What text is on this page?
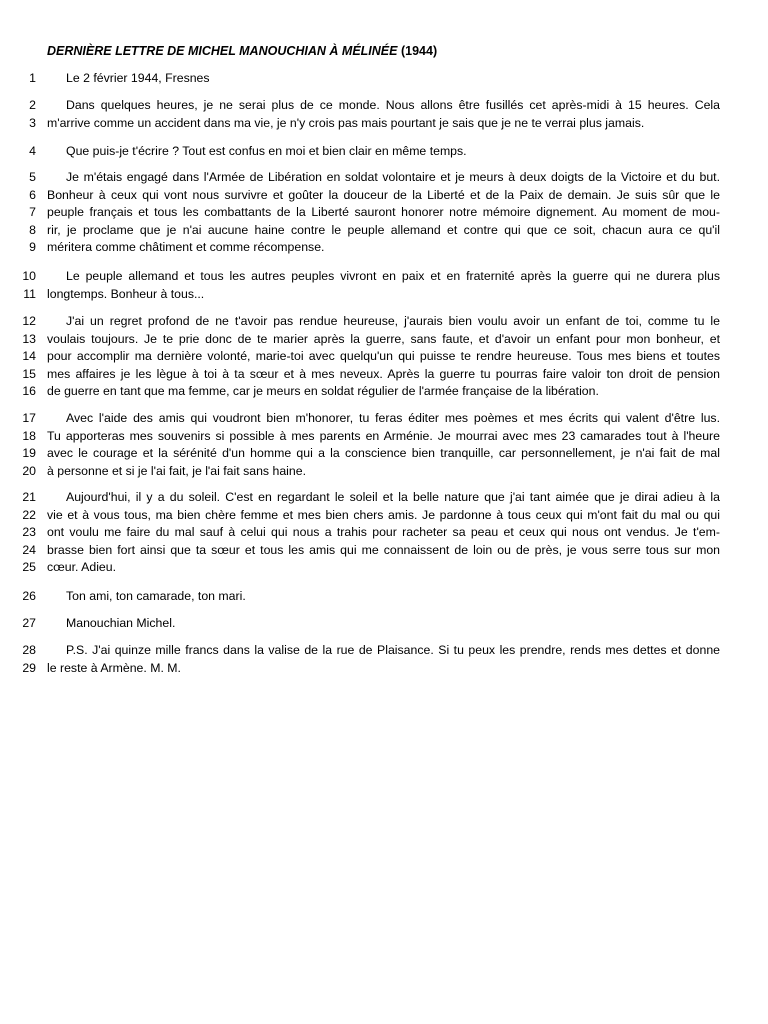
DERNIÈRE LETTRE DE MICHEL MANOUCHIAN À MÉLINÉE (1944)
1 Le 2 février 1944, Fresnes
2 Dans quelques heures, je ne serai plus de ce monde. Nous allons être fusillés cet après-midi à 15 heures. Cela
3 m'arrive comme un accident dans ma vie, je n'y crois pas mais pourtant je sais que je ne te verrai plus jamais.
4 Que puis-je t'écrire ? Tout est confus en moi et bien clair en même temps.
5 Je m'étais engagé dans l'Armée de Libération en soldat volontaire et je meurs à deux doigts de la Victoire et du but.
6 Bonheur à ceux qui vont nous survivre et goûter la douceur de la Liberté et de la Paix de demain. Je suis sûr que le
7 peuple français et tous les combattants de la Liberté sauront honorer notre mémoire dignement. Au moment de mou-
8 rir, je proclame que je n'ai aucune haine contre le peuple allemand et contre qui que ce soit, chacun aura ce qu'il
9 méritera comme châtiment et comme récompense.
10 Le peuple allemand et tous les autres peuples vivront en paix et en fraternité après la guerre qui ne durera plus
11 longtemps. Bonheur à tous...
12 J'ai un regret profond de ne t'avoir pas rendue heureuse, j'aurais bien voulu avoir un enfant de toi, comme tu le
13 voulais toujours. Je te prie donc de te marier après la guerre, sans faute, et d'avoir un enfant pour mon bonheur, et
14 pour accomplir ma dernière volonté, marie-toi avec quelqu'un qui puisse te rendre heureuse. Tous mes biens et toutes
15 mes affaires je les lègue à toi à ta sœur et à mes neveux. Après la guerre tu pourras faire valoir ton droit de pension
16 de guerre en tant que ma femme, car je meurs en soldat régulier de l'armée française de la libération.
17 Avec l'aide des amis qui voudront bien m'honorer, tu feras éditer mes poèmes et mes écrits qui valent d'être lus.
18 Tu apporteras mes souvenirs si possible à mes parents en Arménie. Je mourrai avec mes 23 camarades tout à l'heure
19 avec le courage et la sérénité d'un homme qui a la conscience bien tranquille, car personnellement, je n'ai fait de mal
20 à personne et si je l'ai fait, je l'ai fait sans haine.
21 Aujourd'hui, il y a du soleil. C'est en regardant le soleil et la belle nature que j'ai tant aimée que je dirai adieu à la
22 vie et à vous tous, ma bien chère femme et mes bien chers amis. Je pardonne à tous ceux qui m'ont fait du mal ou qui
23 ont voulu me faire du mal sauf à celui qui nous a trahis pour racheter sa peau et ceux qui nous ont vendus. Je t'em-
24 brasse bien fort ainsi que ta sœur et tous les amis qui me connaissent de loin ou de près, je vous serre tous sur mon
25 cœur. Adieu.
26 Ton ami, ton camarade, ton mari.
27 Manouchian Michel.
28 P.S. J'ai quinze mille francs dans la valise de la rue de Plaisance. Si tu peux les prendre, rends mes dettes et donne
29 le reste à Armène. M. M.
